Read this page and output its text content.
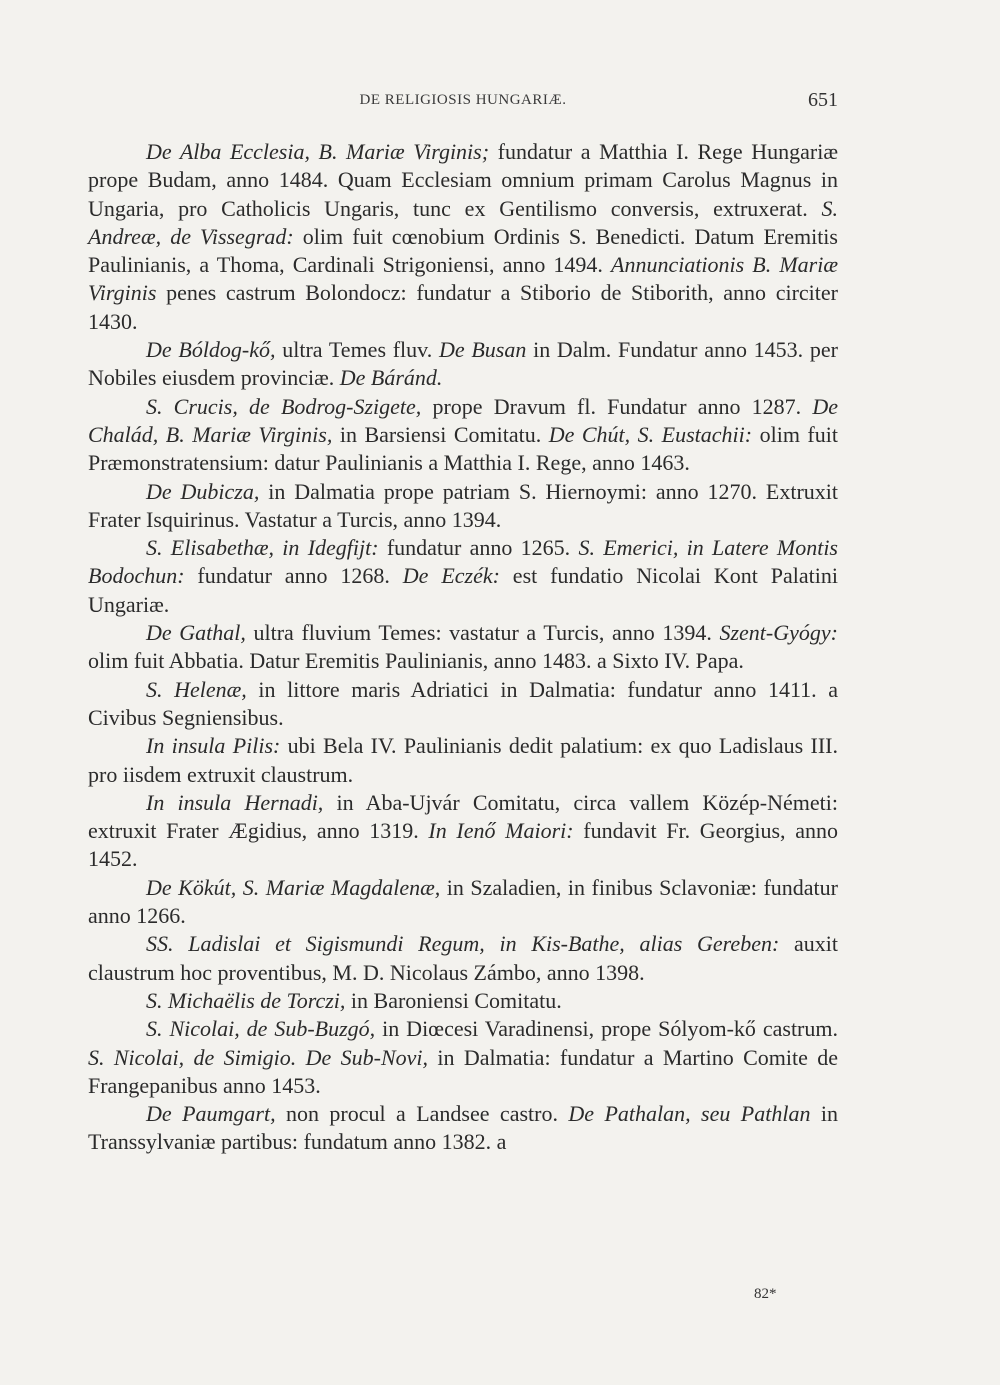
DE RELIGIOSIS HUNGARIÆ.	651

De Alba Ecclesia, B. Mariæ Virginis; fundatur a Matthia I. Rege Hungariæ prope Budam, anno 1484. Quam Ecclesiam omnium primam Carolus Magnus in Ungaria, pro Catholicis Ungaris, tunc ex Gentilismo conversis, extruxerat. S. Andreæ, de Vissegrad: olim fuit cœnobium Ordinis S. Benedicti. Datum Eremitis Paulinianis, a Thoma, Cardinali Strigoniensi, anno 1494. Annunciationis B. Mariæ Virginis penes castrum Bolondocz: fundatur a Stiborio de Stiborith, anno circiter 1430.

De Bóldog-kő, ultra Temes fluv. De Busan in Dalm. Fundatur anno 1453. per Nobiles eiusdem provinciæ. De Báránd.

S. Crucis, de Bodrog-Szigete, prope Dravum fl. Fundatur anno 1287. De Chalád, B. Mariæ Virginis, in Barsiensi Comitatu. De Chút, S. Eustachii: olim fuit Præmonstratensium: datur Paulinianis a Matthia I. Rege, anno 1463.

De Dubicza, in Dalmatia prope patriam S. Hiernoymi: anno 1270. Extruxit Frater Isquirinus. Vastatur a Turcis, anno 1394.

S. Elisabethæ, in Idegfijt: fundatur anno 1265. S. Emerici, in Latere Montis Bodochun: fundatur anno 1268. De Eczék: est fundatio Nicolai Kont Palatini Ungariæ.

De Gathal, ultra fluvium Temes: vastatur a Turcis, anno 1394. Szent-Gyógy: olim fuit Abbatia. Datur Eremitis Paulinianis, anno 1483. a Sixto IV. Papa.

S. Helenæ, in littore maris Adriatici in Dalmatia: fundatur anno 1411. a Civibus Segniensibus.

In insula Pilis: ubi Bela IV. Paulinianis dedit palatium: ex quo Ladislaus III. pro iisdem extruxit claustrum.

In insula Hernadi, in Aba-Ujvár Comitatu, circa vallem Közép-Németi: extruxit Frater Ægidius, anno 1319. In Ienő Maiori: fundavit Fr. Georgius, anno 1452.

De Kökút, S. Mariæ Magdalenæ, in Szaladien, in finibus Sclavoniæ: fundatur anno 1266.

SS. Ladislai et Sigismundi Regum, in Kis-Bathe, alias Gereben: auxit claustrum hoc proventibus, M. D. Nicolaus Zámbo, anno 1398.

S. Michaëlis de Torczi, in Baroniensi Comitatu.

S. Nicolai, de Sub-Buzgó, in Diœcesi Varadinensi, prope Sólyom-kő castrum. S. Nicolai, de Simigio. De Sub-Novi, in Dalmatia: fundatur a Martino Comite de Frangepanibus anno 1453.

De Paumgart, non procul a Landsee castro. De Pathalan, seu Pathlan in Transsylvaniæ partibus: fundatum anno 1382. a

82*
